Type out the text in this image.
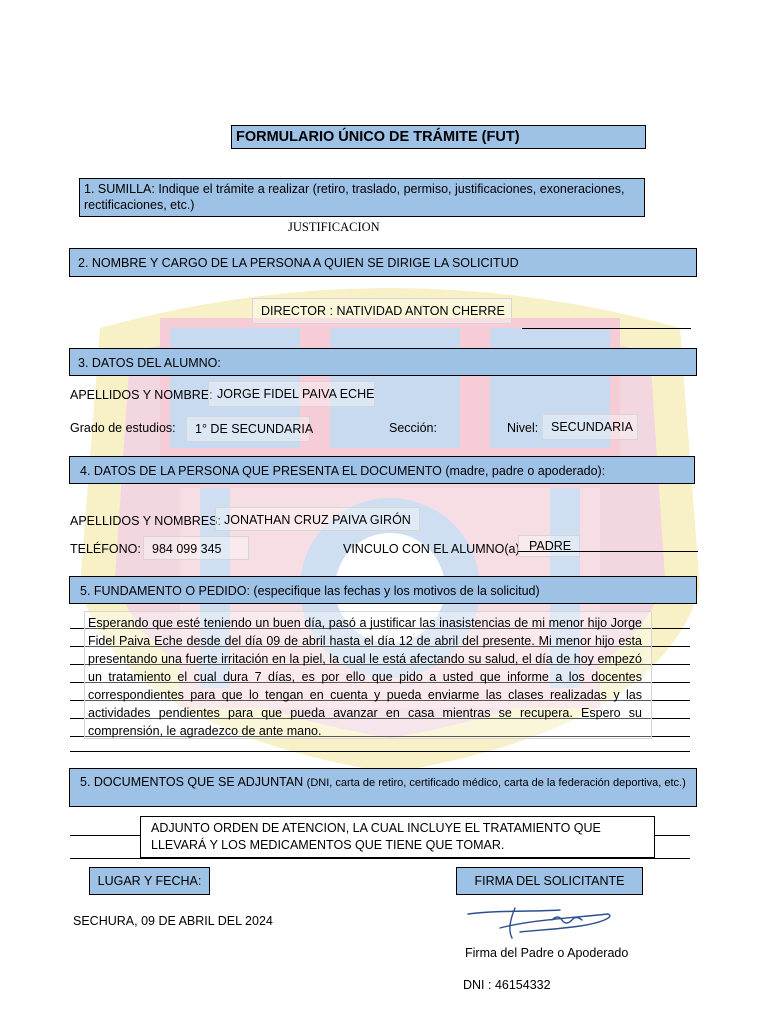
FORMULARIO ÚNICO DE TRÁMITE (FUT)
1. SUMILLA: Indique el trámite a realizar (retiro, traslado, permiso, justificaciones, exoneraciones, rectificaciones, etc.)
JUSTIFICACION
2. NOMBRE Y CARGO DE LA PERSONA A QUIEN SE DIRIGE LA SOLICITUD
DIRECTOR : NATIVIDAD ANTON CHERRE
3. DATOS DEL ALUMNO:
APELLIDOS Y NOMBRE: JORGE FIDEL PAIVA ECHE
Grado de estudios:	1° DE SECUNDARIA	Sección:	Nivel:	SECUNDARIA
4. DATOS DE LA PERSONA QUE PRESENTA EL DOCUMENTO (madre, padre o apoderado):
APELLIDOS Y NOMBRES: JONATHAN CRUZ PAIVA GIRÓN
TELÉFONO: 984 099 345	VINCULO CON EL ALUMNO(a) PADRE
5. FUNDAMENTO O PEDIDO: (especifique las fechas y los motivos de la solicitud)
Esperando que esté teniendo un buen día, pasó a justificar las inasistencias de mi menor hijo Jorge Fidel Paiva Eche desde del día 09 de abril hasta el día 12 de abril del presente. Mi menor hijo esta presentando una fuerte irritación en la piel, la cual le está afectando su salud, el día de hoy empezó un tratamiento el cual dura 7 días, es por ello que pido a usted que informe a los docentes correspondientes para que lo tengan en cuenta y pueda enviarme las clases realizadas y las actividades pendientes para que pueda avanzar en casa mientras se recupera. Espero su comprensión, le agradezco de ante mano.
5. DOCUMENTOS QUE SE ADJUNTAN (DNI, carta de retiro, certificado médico, carta de la federación deportiva, etc.)
ADJUNTO ORDEN DE ATENCION, LA CUAL INCLUYE EL TRATAMIENTO QUE LLEVARÁ Y LOS MEDICAMENTOS QUE TIENE QUE TOMAR.
LUGAR Y FECHA:	FIRMA DEL SOLICITANTE
SECHURA, 09 DE ABRIL DEL 2024
Firma del Padre o Apoderado
DNI : 46154332
